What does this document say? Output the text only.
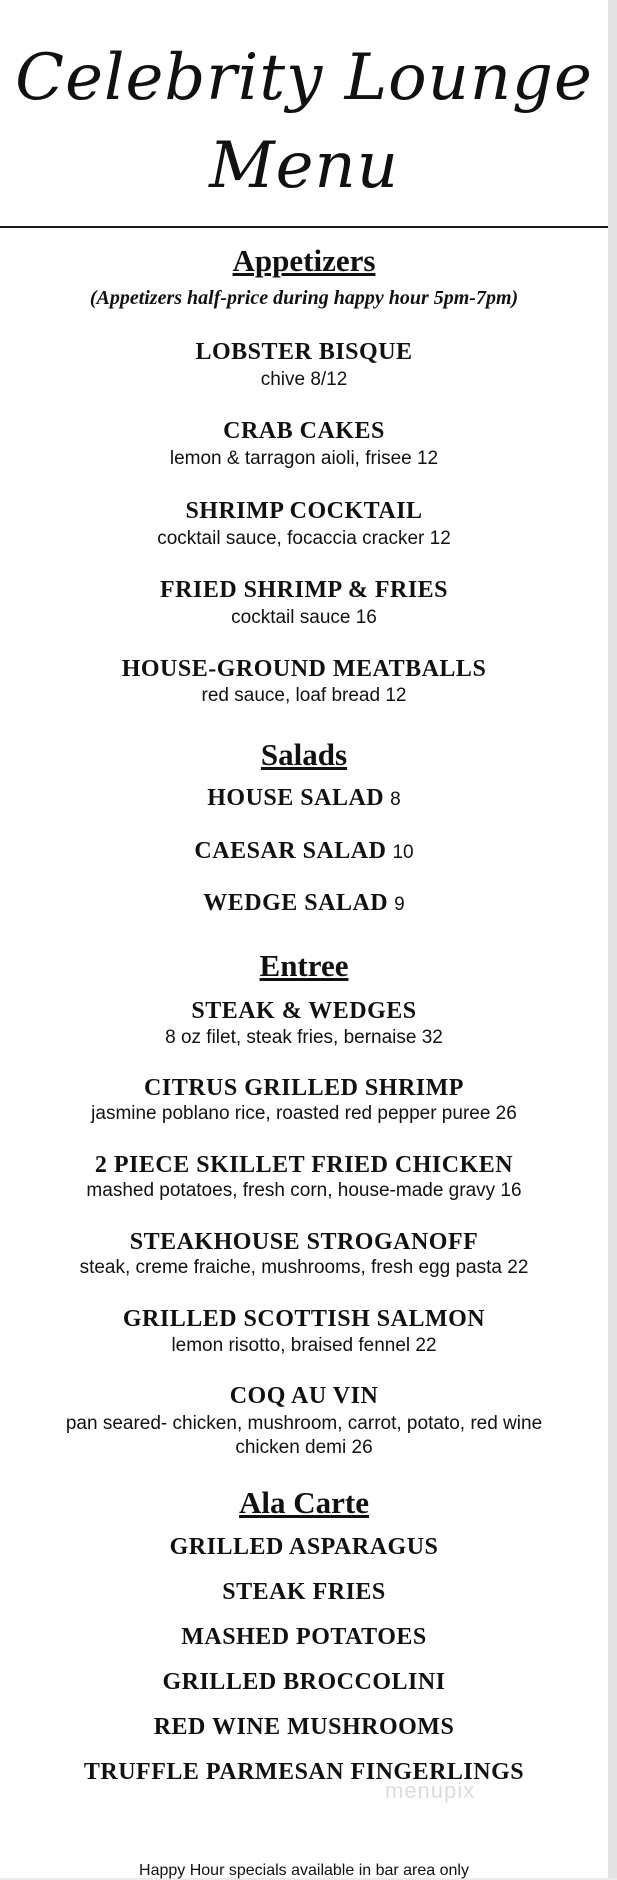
Celebrity Lounge
Menu
Appetizers
(Appetizers half-price during happy hour 5pm-7pm)
LOBSTER BISQUE
chive 8/12
CRAB CAKES
lemon & tarragon aioli, frisee 12
SHRIMP COCKTAIL
cocktail sauce, focaccia cracker 12
FRIED SHRIMP & FRIES
cocktail sauce 16
HOUSE-GROUND MEATBALLS
red sauce, loaf bread 12
Salads
HOUSE SALAD 8
CAESAR SALAD 10
WEDGE SALAD 9
Entree
STEAK & WEDGES
8 oz filet, steak fries, bernaise 32
CITRUS GRILLED SHRIMP
jasmine poblano rice, roasted red pepper puree 26
2 PIECE SKILLET FRIED CHICKEN
mashed potatoes, fresh corn, house-made gravy 16
STEAKHOUSE STROGANOFF
steak, creme fraiche, mushrooms, fresh egg pasta 22
GRILLED SCOTTISH SALMON
lemon risotto, braised fennel 22
COQ AU VIN
pan seared- chicken, mushroom, carrot, potato, red wine
chicken demi 26
Ala Carte
GRILLED ASPARAGUS
STEAK FRIES
MASHED POTATOES
GRILLED BROCCOLINI
RED WINE MUSHROOMS
TRUFFLE PARMESAN FINGERLINGS
menupix
Happy Hour specials available in bar area only
